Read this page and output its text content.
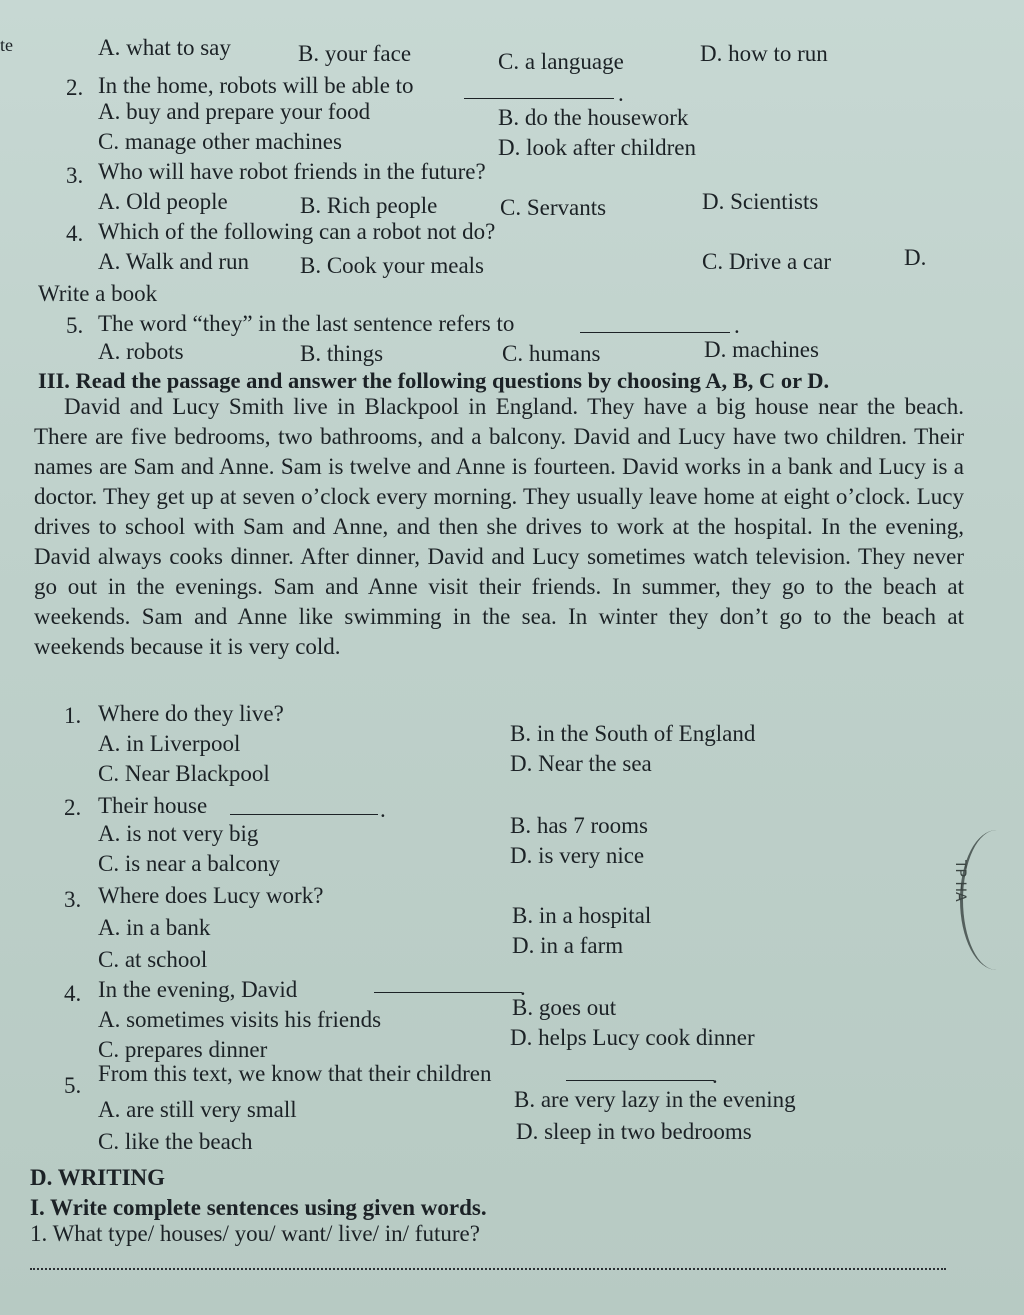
te	A. what to say	B. your face	C. a language	D. how to run
2. In the home, robots will be able to	.
A. buy and prepare your food	B. do the housework
C. manage other machines	D. look after children
3. Who will have robot friends in the future?
A. Old people	B. Rich people	C. Servants	D. Scientists
4. Which of the following can a robot not do?
A. Walk and run B. Cook your meals	C. Drive a car	D.
Write a book
5. The word “they” in the last sentence refers to	.
A. robots	B. things	C. humans	D. machines
III. Read the passage and answer the following questions by choosing A, B, C or D.
David and Lucy Smith live in Blackpool in England. They have a big house near the beach. There are five bedrooms, two bathrooms, and a balcony. David and Lucy have two children. Their names are Sam and Anne. Sam is twelve and Anne is fourteen. David works in a bank and Lucy is a doctor. They get up at seven o’clock every morning. They usually leave home at eight o’clock. Lucy drives to school with Sam and Anne, and then she drives to work at the hospital. In the evening, David always cooks dinner. After dinner, David and Lucy sometimes watch television. They never go out in the evenings. Sam and Anne visit their friends. In summer, they go to the beach at weekends. Sam and Anne like swimming in the sea. In winter they don’t go to the beach at weekends because it is very cold.
1. Where do they live?
A. in Liverpool	B. in the South of England
C. Near Blackpool	D. Near the sea
2. Their house	.
A. is not very big	B. has 7 rooms
C. is near a balcony	D. is very nice
3. Where does Lucy work?
A. in a bank	B. in a hospital
C. at school
D. in a farm
4. In the evening, David	.
A. sometimes visits his friends	B. goes out
C. prepares dinner	D. helps Lucy cook dinner
5. From this text, we know that their children	.
A. are still very small	B. are very lazy in the evening
C. like the beach	D. sleep in two bedrooms
D. WRITING
I. Write complete sentences using given words.
1. What type/ houses/ you/ want/ live/ in/ future?
TP HA
